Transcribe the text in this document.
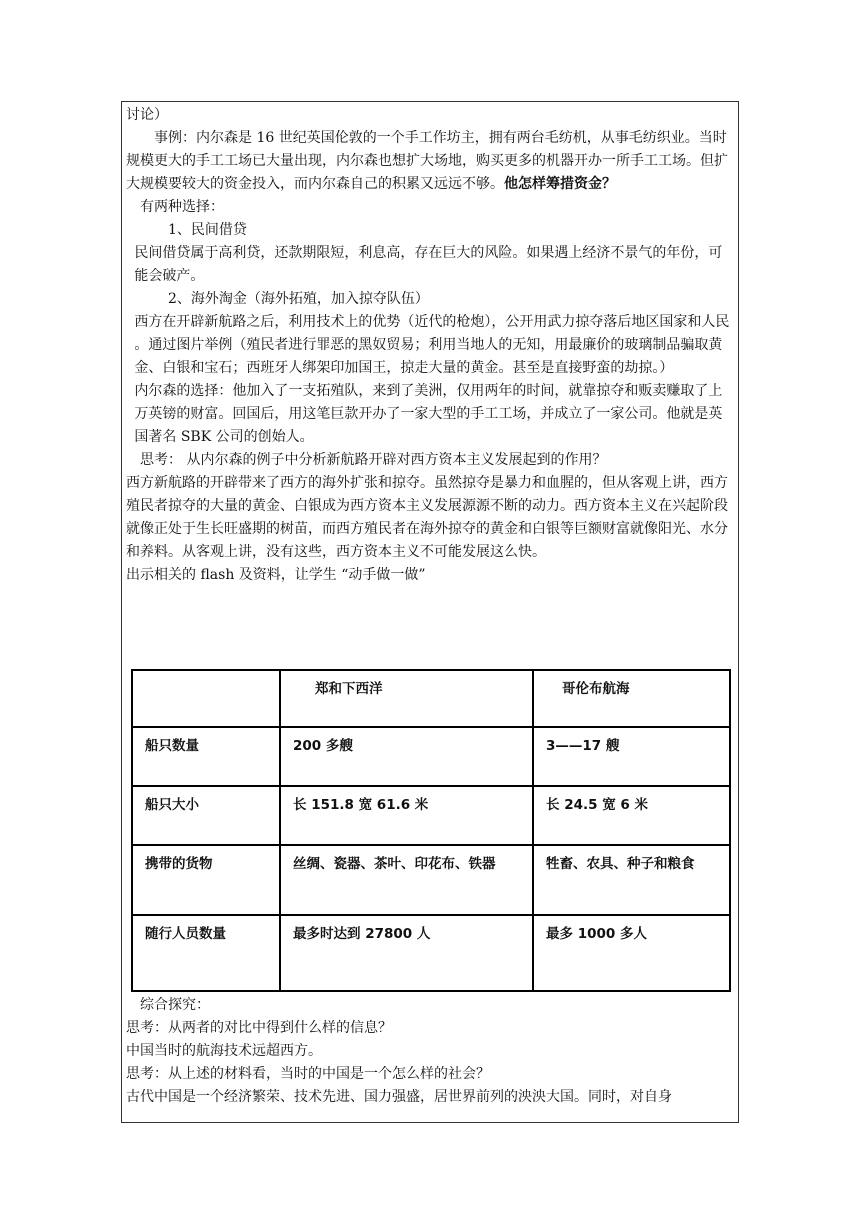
讨论）

事例：内尔森是 16 世纪英国伦敦的一个手工作坊主，拥有两台毛纺机，从事毛纺织业。当时规模更大的手工工场已大量出现，内尔森也想扩大场地，购买更多的机器开办一所手工工场。但扩大规模要较大的资金投入，而内尔森自己的积累又远远不够。他怎样筹措资金？

有两种选择：

1、民间借贷

民间借贷属于高利贷，还款期限短，利息高，存在巨大的风险。如果遇上经济不景气的年份，可能会破产。

2、海外淘金（海外拓殖，加入掠夺队伍）

西方在开辟新航路之后，利用技术上的优势（近代的枪炮），公开用武力掠夺落后地区国家和人民 。通过图片举例（殖民者进行罪恶的黑奴贸易；利用当地人的无知，用最廉价的玻璃制品骗取黄金、白银和宝石；西班牙人绑架印加国王，掠走大量的黄金。甚至是直接野蛮的劫掠。）

内尔森的选择：他加入了一支拓殖队，来到了美洲，仅用两年的时间，就靠掠夺和贩卖赚取了上万英镑的财富。回国后，用这笔巨款开办了一家大型的手工工场，并成立了一家公司。他就是英国著名 SBK 公司的创始人。

思考： 从内尔森的例子中分析新航路开辟对西方资本主义发展起到的作用？

西方新航路的开辟带来了西方的海外扩张和掠夺。虽然掠夺是暴力和血腥的，但从客观上讲，西方殖民者掠夺的大量的黄金、白银成为西方资本主义发展源源不断的动力。西方资本主义在兴起阶段就像正处于生长旺盛期的树苗，而西方殖民者在海外掠夺的黄金和白银等巨额财富就像阳光、水分和养料。从客观上讲，没有这些，西方资本主义不可能发展这么快。

出示相关的 flash 及资料，让学生 “动手做一做”

	郑和下西洋	哥伦布航海
船只数量	200 多艘	3——17 艘
船只大小	长 151.8 宽 61.6 米	长 24.5 宽 6 米
携带的货物	丝绸、瓷器、茶叶、印花布、铁器	牲畜、农具、种子和粮食
随行人员数量	最多时达到 27800 人	最多 1000 多人

综合探究：

思考：从两者的对比中得到什么样的信息？

中国当时的航海技术远超西方。

思考：从上述的材料看，当时的中国是一个怎么样的社会？

古代中国是一个经济繁荣、技术先进、国力强盛，居世界前列的泱泱大国。同时，对自身
